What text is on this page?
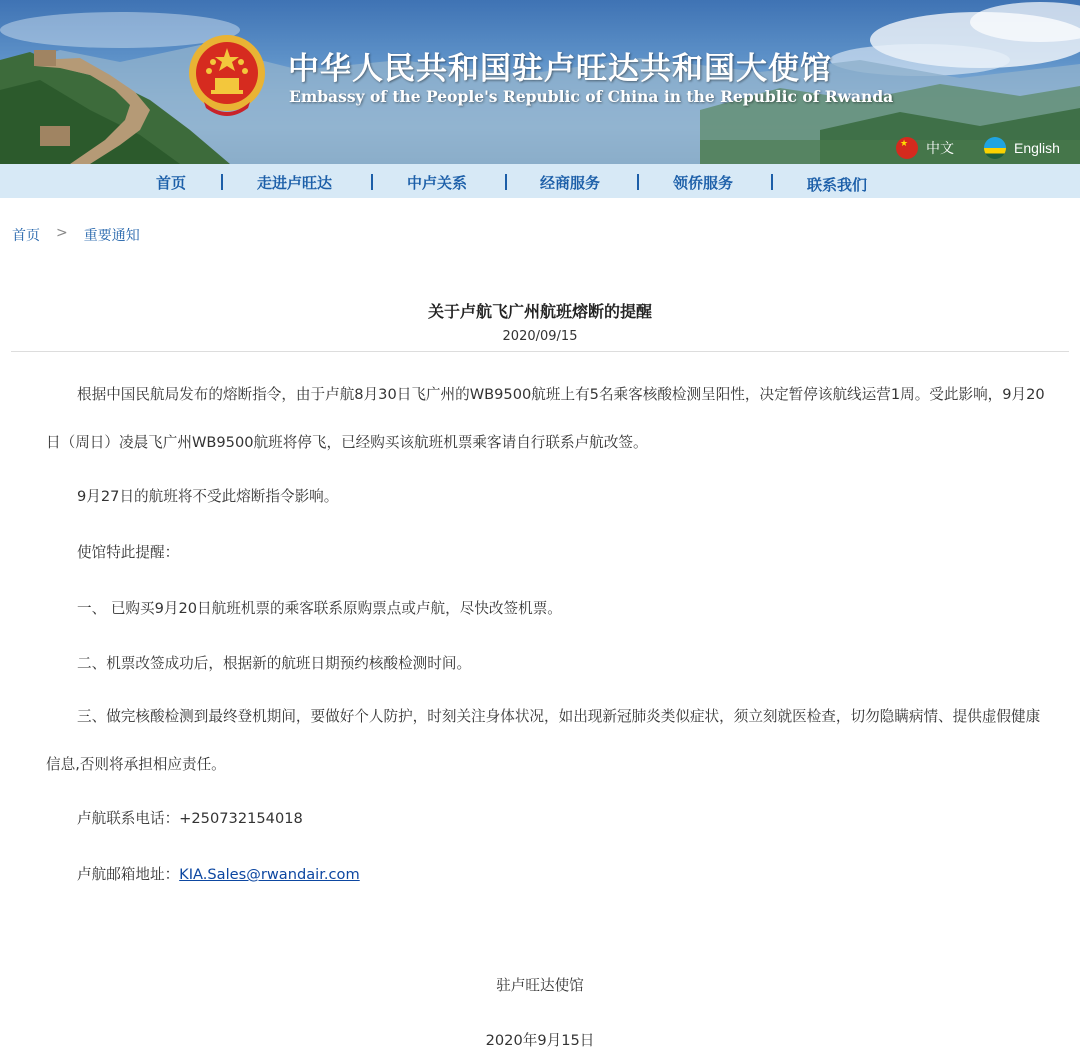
中华人民共和国驻卢旺达共和国大使馆

Embassy of the People's Republic of China in the Republic of Rwanda

★
中文	English
首页	走进卢旺达	中卢关系	经商服务	领侨服务	联系我们
首页 > 重要通知
关于卢航飞广州航班熔断的提醒
2020/09/15

根据中国民航局发布的熔断指令，由于卢航8月30日飞广州的WB9500航班上有5名乘客核酸检测呈阳性，决定暂停该航线运营1周。受此影响，9月20日（周日）凌晨飞广州WB9500航班将停飞，已经购买该航班机票乘客请自行联系卢航改签。

9月27日的航班将不受此熔断指令影响。

使馆特此提醒：

一、 已购买9月20日航班机票的乘客联系原购票点或卢航，尽快改签机票。

二、机票改签成功后，根据新的航班日期预约核酸检测时间。

三、做完核酸检测到最终登机期间，要做好个人防护，时刻关注身体状况，如出现新冠肺炎类似症状，须立刻就医检查，切勿隐瞒病情、提供虚假健康信息,否则将承担相应责任。

卢航联系电话：+250732154018

卢航邮箱地址：KIA.Sales@rwandair.com

驻卢旺达使馆
2020年9月15日
